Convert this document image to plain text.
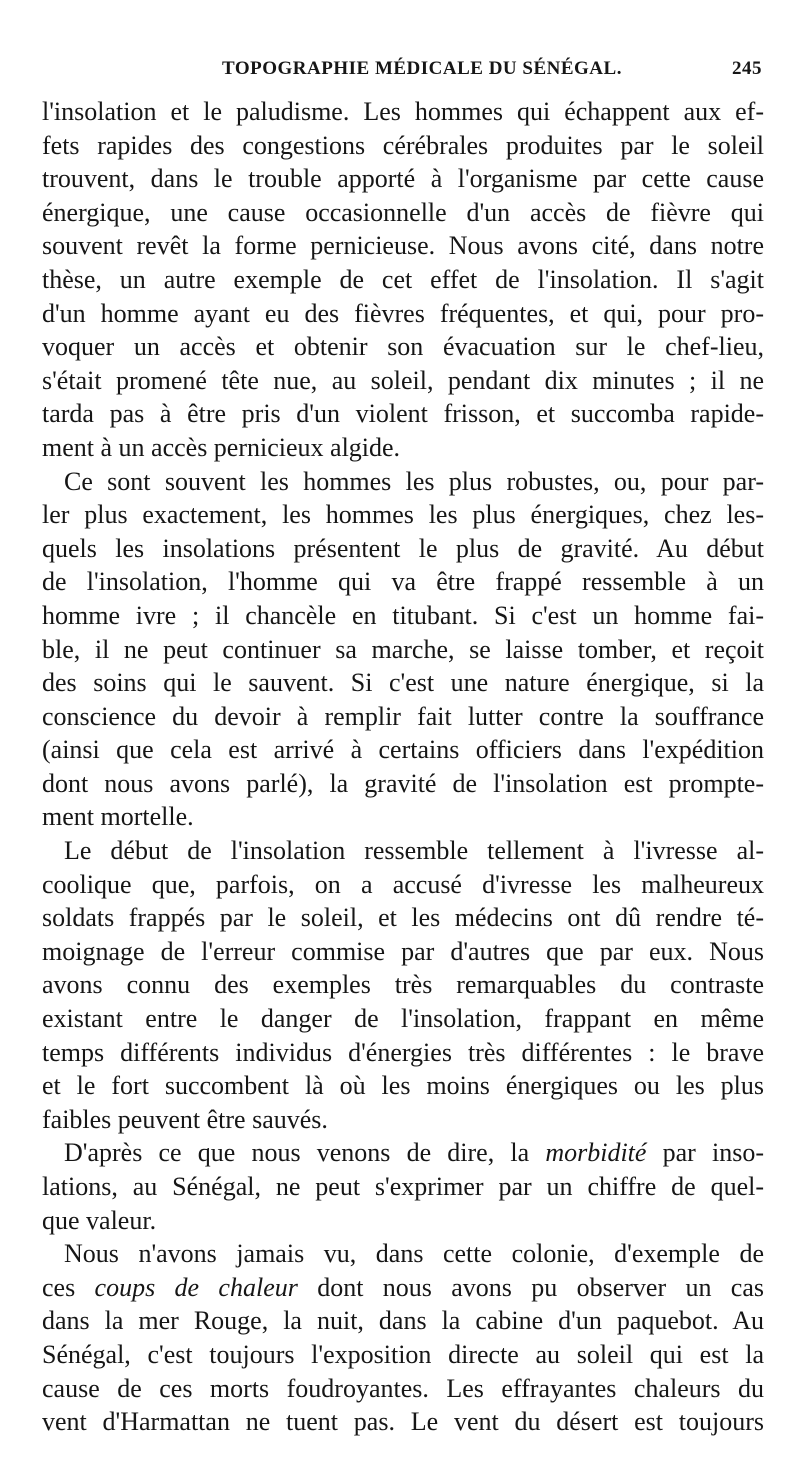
TOPOGRAPHIE MÉDICALE DU SÉNÉGAL.	245
l'insolation et le paludisme. Les hommes qui échappent aux ef-
fets rapides des congestions cérébrales produites par le soleil
trouvent, dans le trouble apporté à l'organisme par cette cause
énergique, une cause occasionnelle d'un accès de fièvre qui
souvent revêt la forme pernicieuse. Nous avons cité, dans notre
thèse, un autre exemple de cet effet de l'insolation. Il s'agit
d'un homme ayant eu des fièvres fréquentes, et qui, pour pro-
voquer un accès et obtenir son évacuation sur le chef-lieu,
s'était promené tête nue, au soleil, pendant dix minutes ; il ne
tarda pas à être pris d'un violent frisson, et succomba rapide-
ment à un accès pernicieux algide.
Ce sont souvent les hommes les plus robustes, ou, pour par-
ler plus exactement, les hommes les plus énergiques, chez les-
quels les insolations présentent le plus de gravité. Au début
de l'insolation, l'homme qui va être frappé ressemble à un
homme ivre ; il chancèle en titubant. Si c'est un homme fai-
ble, il ne peut continuer sa marche, se laisse tomber, et reçoit
des soins qui le sauvent. Si c'est une nature énergique, si la
conscience du devoir à remplir fait lutter contre la souffrance
(ainsi que cela est arrivé à certains officiers dans l'expédition
dont nous avons parlé), la gravité de l'insolation est prompte-
ment mortelle.
Le début de l'insolation ressemble tellement à l'ivresse al-
coolique que, parfois, on a accusé d'ivresse les malheureux
soldats frappés par le soleil, et les médecins ont dû rendre té-
moignage de l'erreur commise par d'autres que par eux. Nous
avons connu des exemples très remarquables du contraste
existant entre le danger de l'insolation, frappant en même
temps différents individus d'énergies très différentes : le brave
et le fort succombent là où les moins énergiques ou les plus
faibles peuvent être sauvés.
D'après ce que nous venons de dire, la morbidité par inso-
lations, au Sénégal, ne peut s'exprimer par un chiffre de quel-
que valeur.
Nous n'avons jamais vu, dans cette colonie, d'exemple de
ces coups de chaleur dont nous avons pu observer un cas
dans la mer Rouge, la nuit, dans la cabine d'un paquebot. Au
Sénégal, c'est toujours l'exposition directe au soleil qui est la
cause de ces morts foudroyantes. Les effrayantes chaleurs du
vent d'Harmattan ne tuent pas. Le vent du désert est toujours
